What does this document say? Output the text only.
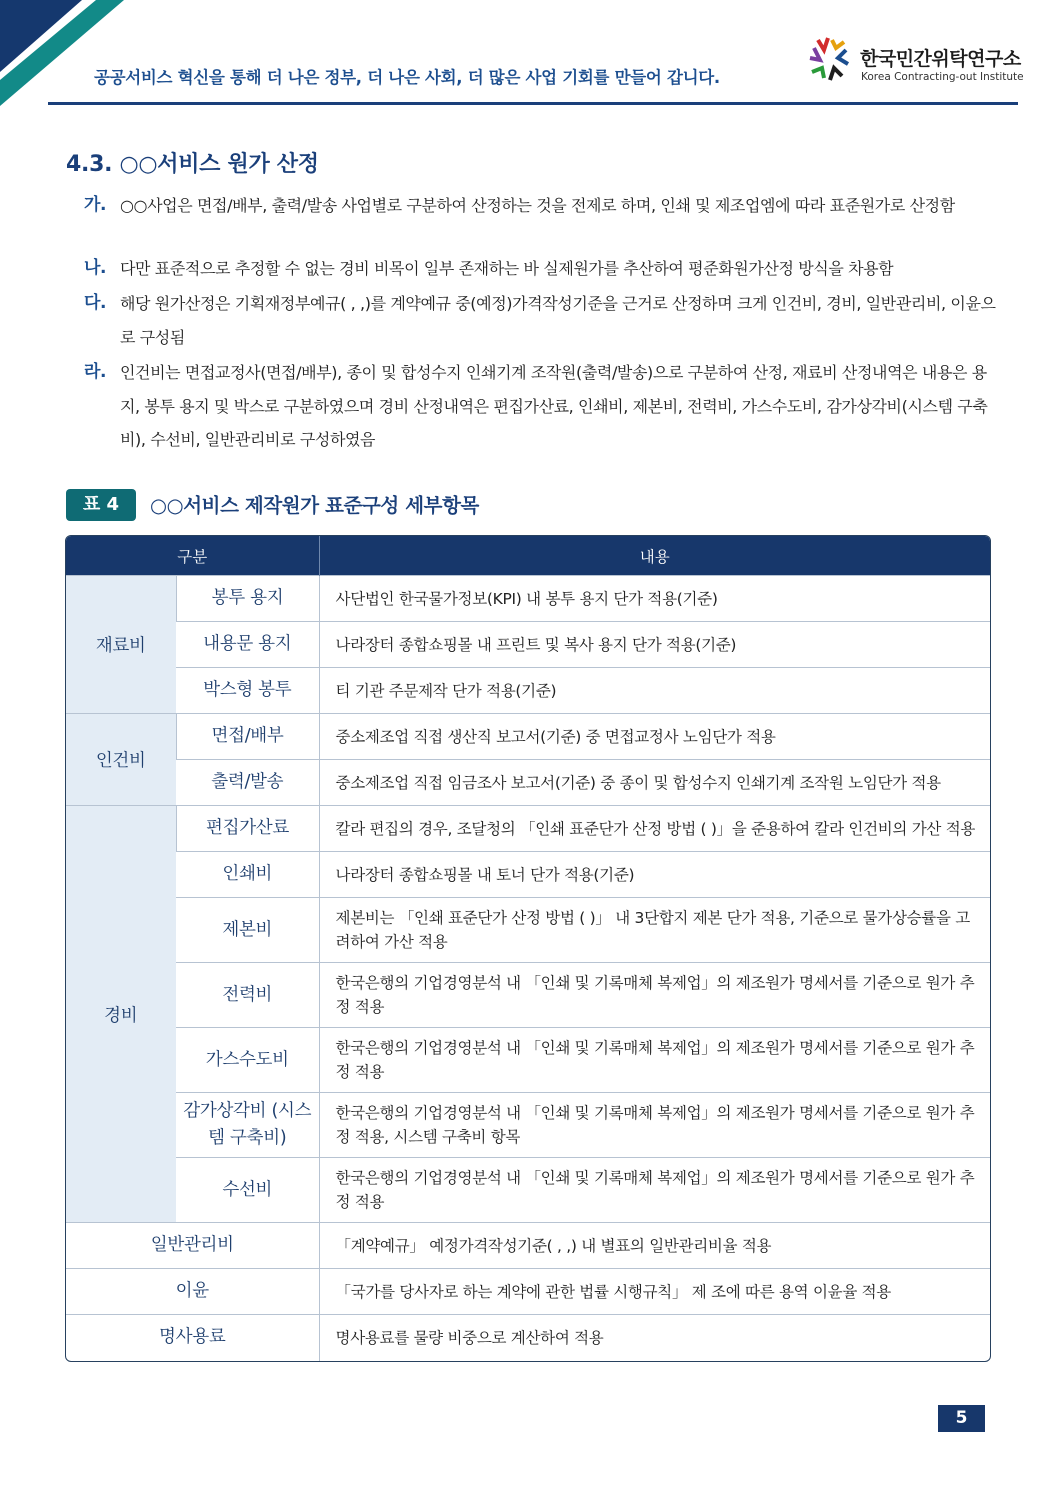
공공서비스 혁신을 통해 더 나은 정부, 더 나은 사회, 더 많은 사업 기회를 만들어 갑니다.
한국민간위탁연구소
Korea Contracting-out Institute
4.3. ○○서비스 원가 산정
가. ○○사업은 면접/배부, 출력/발송 사업별로 구분하여 산정하는 것을 전제로 하며, 인쇄 및 제조업엠에 따라 표준원가로 산정함
나. 다만 표준적으로 추정할 수 없는 경비 비목이 일부 존재하는 바 실제원가를 추산하여 평준화원가산정 방식을 차용함
다. 해당 원가산정은 기획재정부예규( , ,)를 계약예규 중(예정)가격작성기준을 근거로 산정하며 크게 인건비, 경비, 일반관리비, 이윤으로 구성됨
라. 인건비는 면접교정사(면접/배부), 종이 및 합성수지 인쇄기계 조작원(출력/발송)으로 구분하여 산정, 재료비 산정내역은 내용은 용지, 봉투 용지 및 박스로 구분하였으며 경비 산정내역은 편집가산료, 인쇄비, 제본비, 전력비, 가스수도비, 감가상각비(시스템 구축비), 수선비, 일반관리비로 구성하였음
표 4	○○서비스 제작원가 표준구성 세부항목
구분		내용
재료비	봉투 용지	사단법인 한국물가정보(KPI) 내 봉투 용지 단가 적용(기준)
	내용문 용지	나라장터 종합쇼핑몰 내 프린트 및 복사 용지 단가 적용(기준)
	박스형 봉투	티 기관 주문제작 단가 적용(기준)
인건비	면접/배부	중소제조업 직접 생산직 보고서(기준) 중 면접교정사 노임단가 적용
	출력/발송	중소제조업 직접 임금조사 보고서(기준) 중 종이 및 합성수지 인쇄기계 조작원 노임단가 적용
경비	편집가산료	칼라 편집의 경우, 조달청의 「인쇄 표준단가 산정 방법 ( )」을 준용하여 칼라 인건비의 가산 적용
	인쇄비	나라장터 종합쇼핑몰 내 토너 단가 적용(기준)
	제본비	제본비는 「인쇄 표준단가 산정 방법 ( )」 내 3단합지 제본 단가 적용, 기준으로 물가상승률을 고려하여 가산 적용
	전력비	한국은행의 기업경영분석 내 「인쇄 및 기록매체 복제업」의 제조원가 명세서를 기준으로 원가 추정 적용
	가스수도비	한국은행의 기업경영분석 내 「인쇄 및 기록매체 복제업」의 제조원가 명세서를 기준으로 원가 추정 적용
	감가상각비 (시스템 구축비)	한국은행의 기업경영분석 내 「인쇄 및 기록매체 복제업」의 제조원가 명세서를 기준으로 원가 추정 적용, 시스템 구축비 항목
	수선비	한국은행의 기업경영분석 내 「인쇄 및 기록매체 복제업」의 제조원가 명세서를 기준으로 원가 추정 적용
일반관리비		「계약예규」 예정가격작성기준( , ,) 내 별표의 일반관리비율 적용
이윤		「국가를 당사자로 하는 계약에 관한 법률 시행규칙」 제 조에 따른 용역 이윤율 적용
명사용료		명사용료를 물량 비중으로 계산하여 적용
5
